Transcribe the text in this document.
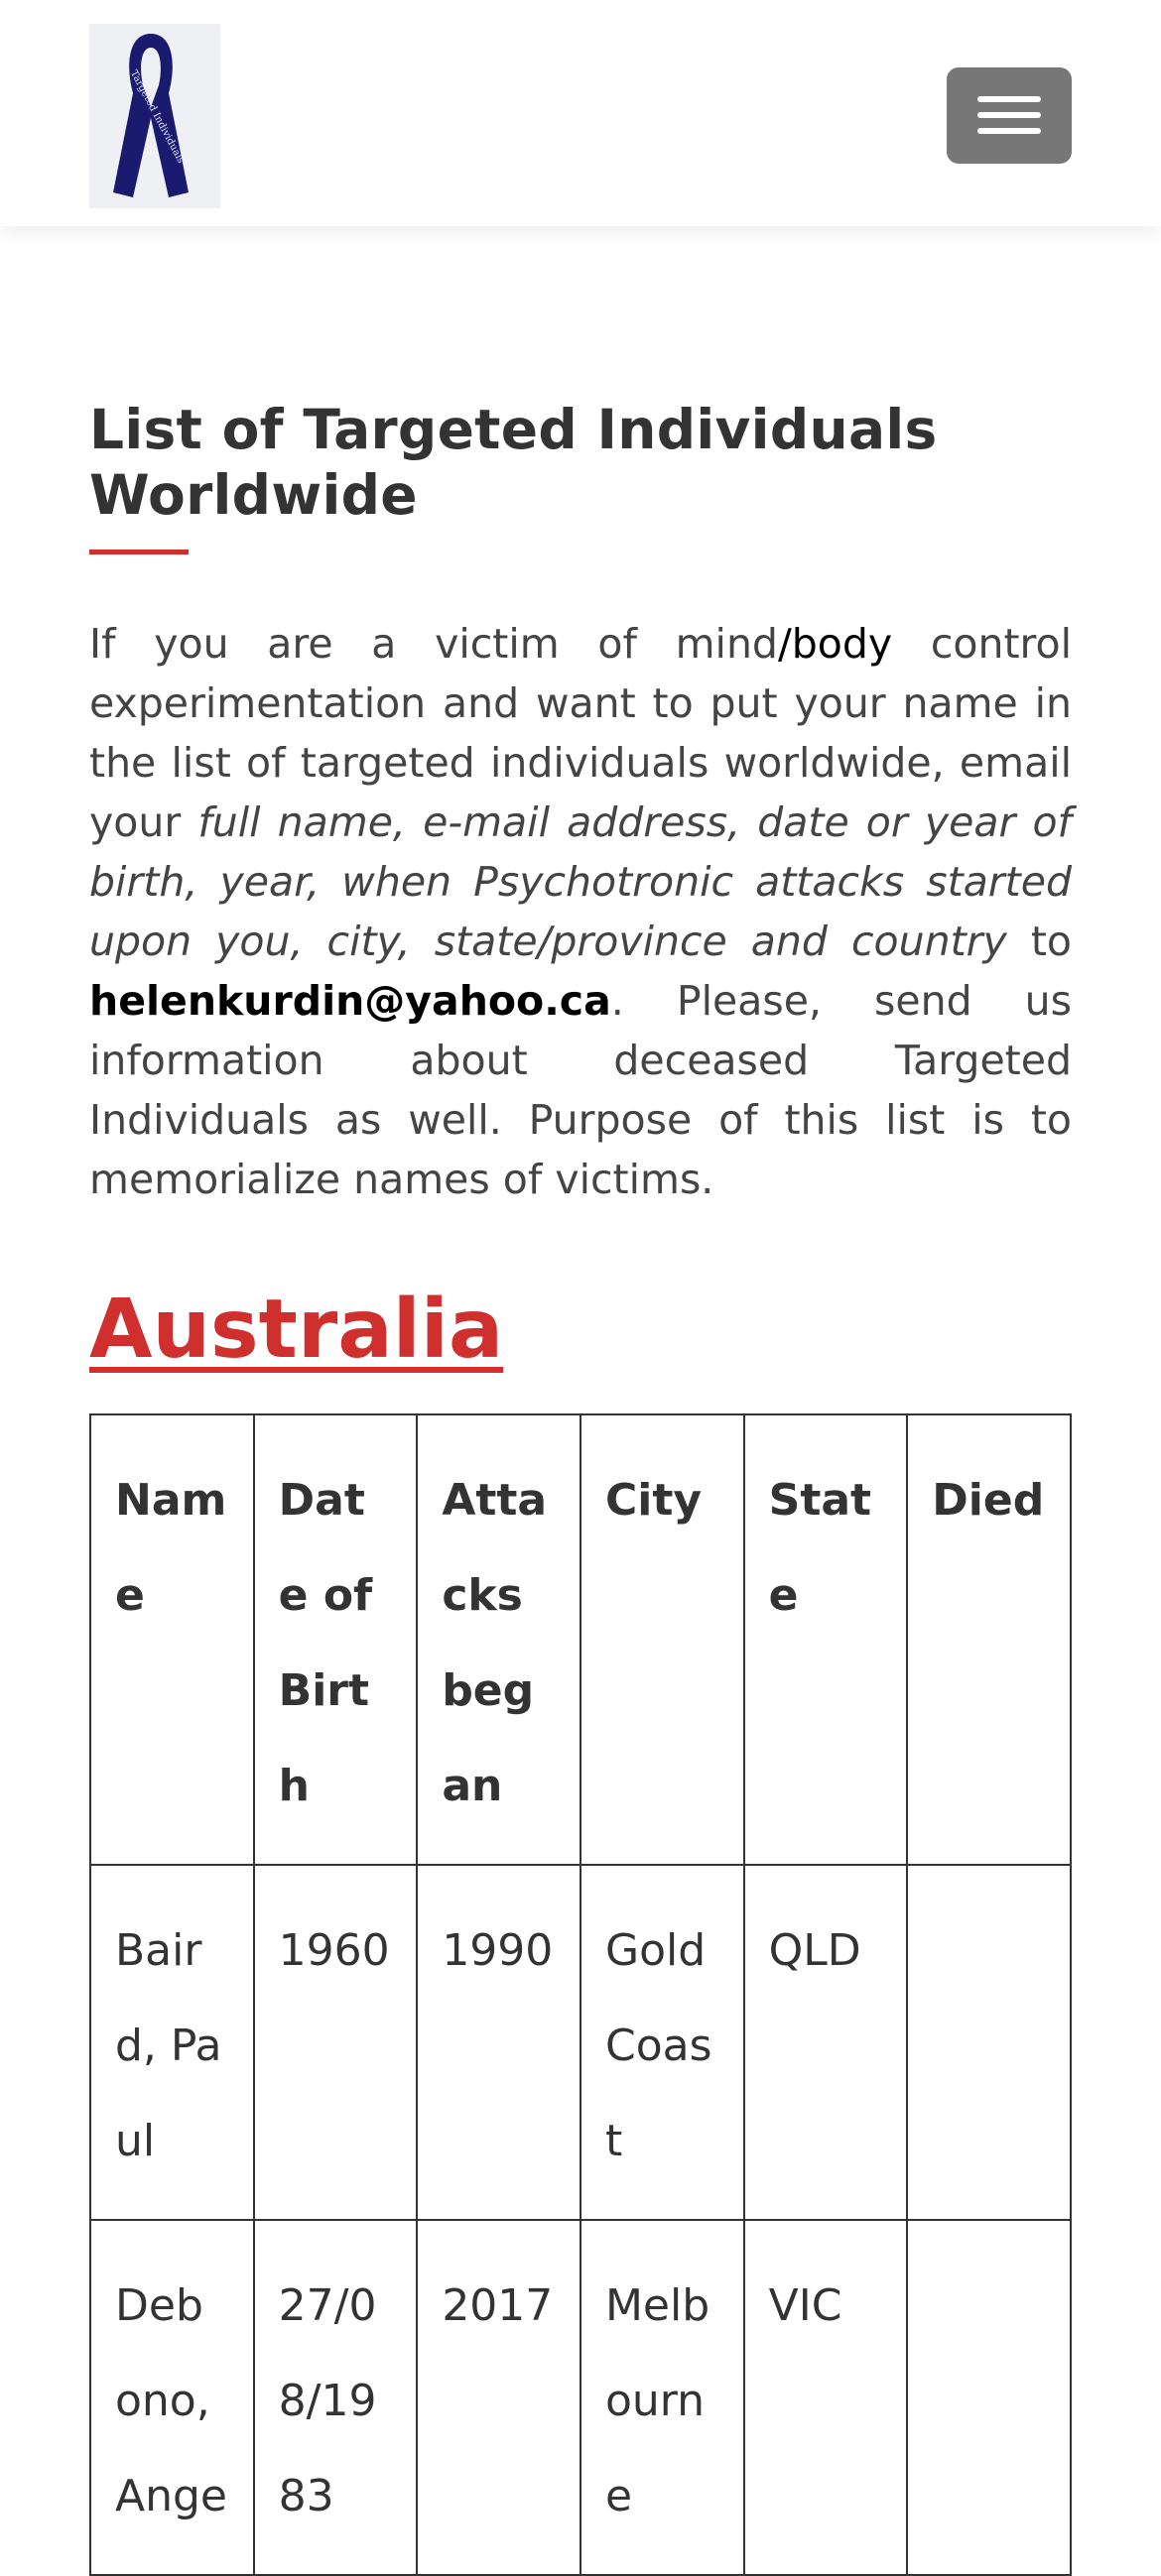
Targeted Individuals
List of Targeted Individuals Worldwide

If you are a victim of mind/body control experimentation and want to put your name in the list of targeted individuals worldwide, email your full name, e-mail address, date or year of birth, year, when Psychotronic attacks started upon you, city, state/province and country to helenkurdin@yahoo.ca. Please, send us information about deceased Targeted Individuals as well. Purpose of this list is to memorialize names of victims.

Australia
Name	Date of Birth	Attacks began	City	State	Died
Baird, Paul	1960	1990	Gold Coast	QLD	
Debono, Ange	27/08/1983	2017	Melbourne	VIC	
